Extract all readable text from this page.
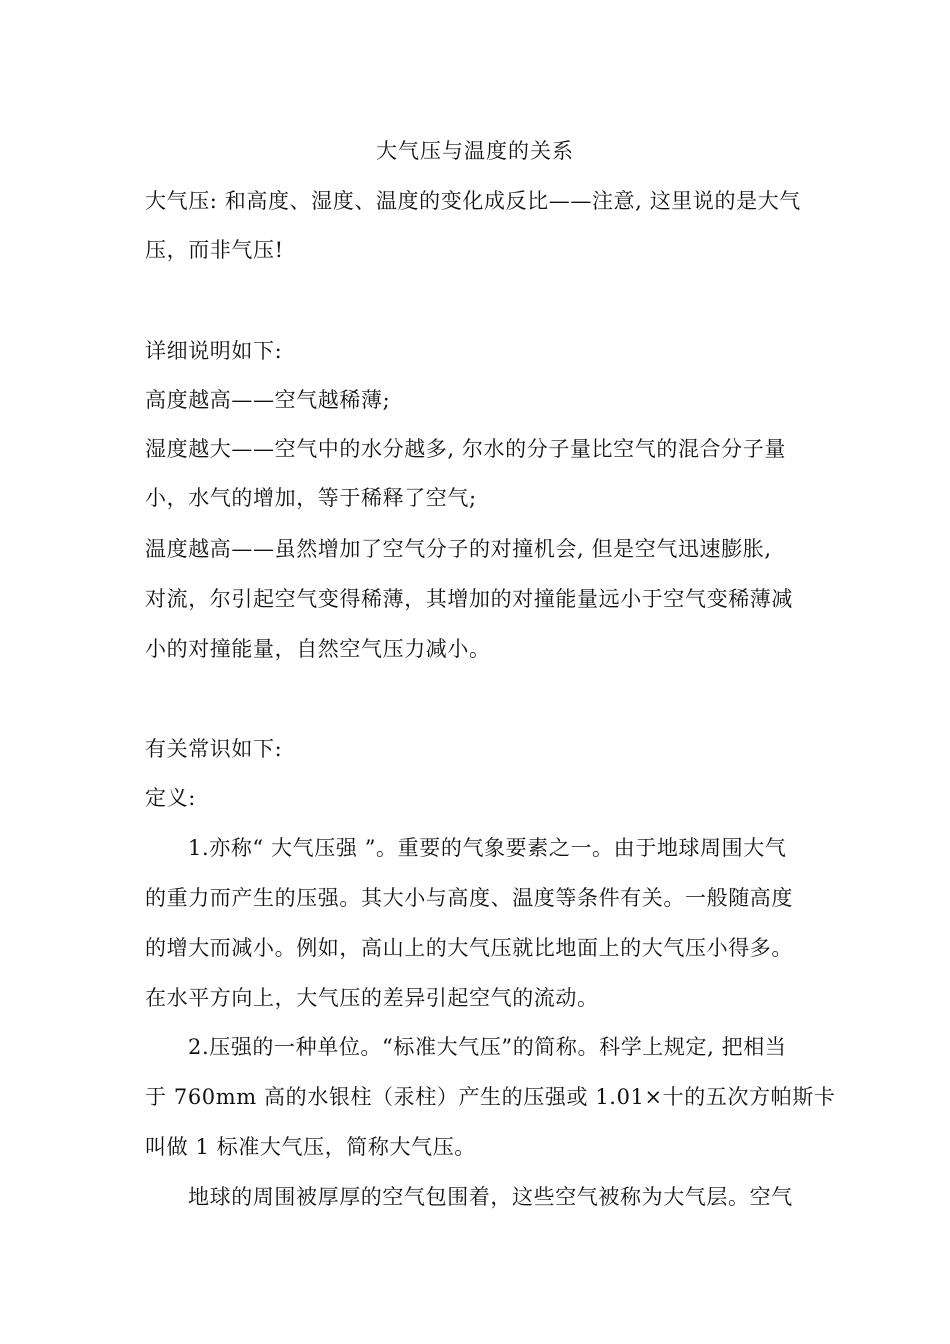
大气压与温度的关系
大气压: 和高度、湿度、温度的变化成反比——注意, 这里说的是大气
压，而非气压!
详细说明如下:
高度越高——空气越稀薄;
湿度越大——空气中的水分越多, 尔水的分子量比空气的混合分子量
小，水气的增加，等于稀释了空气;
温度越高——虽然增加了空气分子的对撞机会, 但是空气迅速膨胀,
对流，尔引起空气变得稀薄，其增加的对撞能量远小于空气变稀薄减
小的对撞能量，自然空气压力减小。
有关常识如下:
定义:
1.亦称“ 大气压强 ”。重要的气象要素之一。由于地球周围大气
的重力而产生的压强。其大小与高度、温度等条件有关。一般随高度
的增大而减小。例如，高山上的大气压就比地面上的大气压小得多。
在水平方向上，大气压的差异引起空气的流动。
2.压强的一种单位。“标准大气压”的简称。科学上规定, 把相当
于 760mm 高的水银柱（汞柱）产生的压强或 1.01×十的五次方帕斯卡
叫做 1 标准大气压，简称大气压。
地球的周围被厚厚的空气包围着，这些空气被称为大气层。空气
